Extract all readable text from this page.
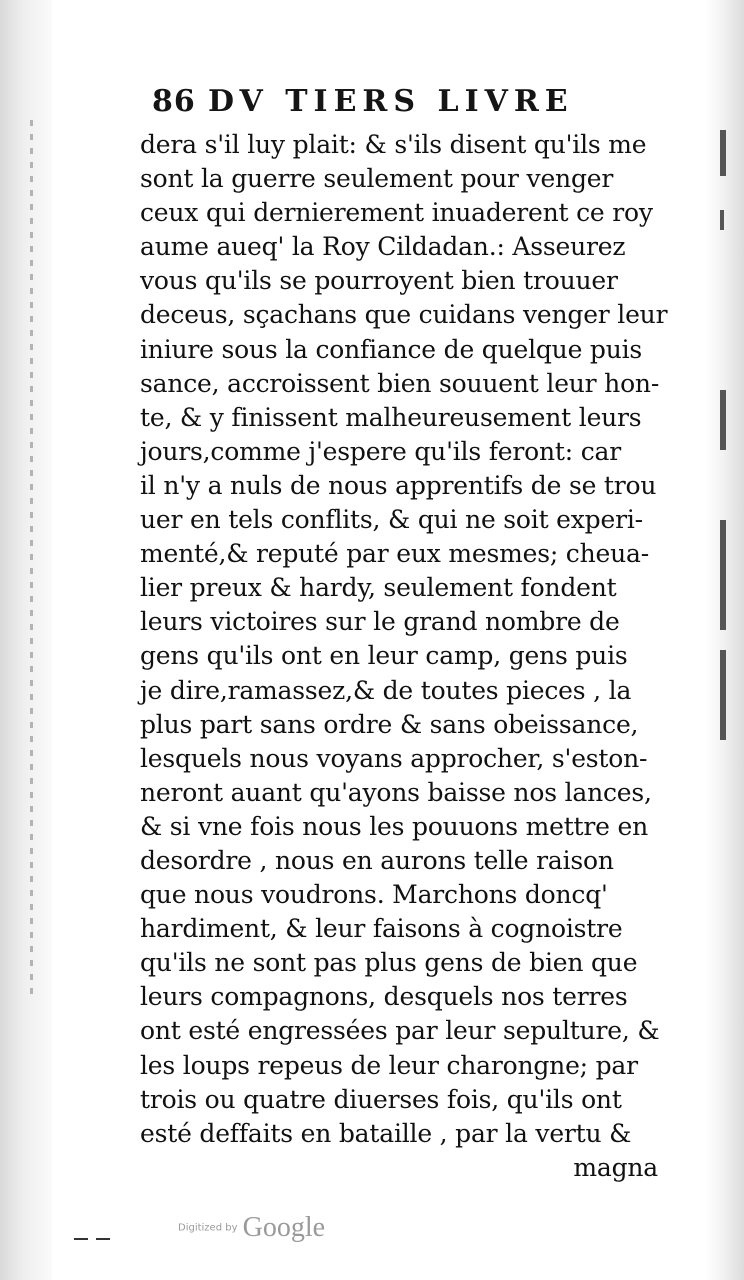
86 DV TIERS LIVRE
dera s'il luy plait: & s'ils disent qu'ils me
sont la guerre seulement pour venger
ceux qui dernierement inuaderent ce roy
aume aueq' la Roy Cildadan.: Asseurez
vous qu'ils se pourroyent bien trouuer
deceus, sçachans que cuidans venger leur
iniure sous la confiance de quelque puis
sance, accroissent bien souuent leur hon-
te, & y finissent malheureusement leurs
jours,comme j'espere qu'ils feront: car
il n'y a nuls de nous apprentifs de se trou
uer en tels conflits, & qui ne soit experi-
menté,& reputé par eux mesmes; cheua-
lier preux & hardy, seulement fondent
leurs victoires sur le grand nombre de
gens qu'ils ont en leur camp, gens puis
je dire,ramassez,& de toutes pieces , la
plus part sans ordre & sans obeissance,
lesquels nous voyans approcher, s'eston-
neront auant qu'ayons baisse nos lances,
& si vne fois nous les pouuons mettre en
desordre , nous en aurons telle raison
que nous voudrons. Marchons doncq'
hardiment, & leur faisons à cognoistre
qu'ils ne sont pas plus gens de bien que
leurs compagnons, desquels nos terres
ont esté engressées par leur sepulture, &
les loups repeus de leur charongne; par
trois ou quatre diuerses fois, qu'ils ont
esté deffaits en bataille , par la vertu &
magna
Digitized by Google
